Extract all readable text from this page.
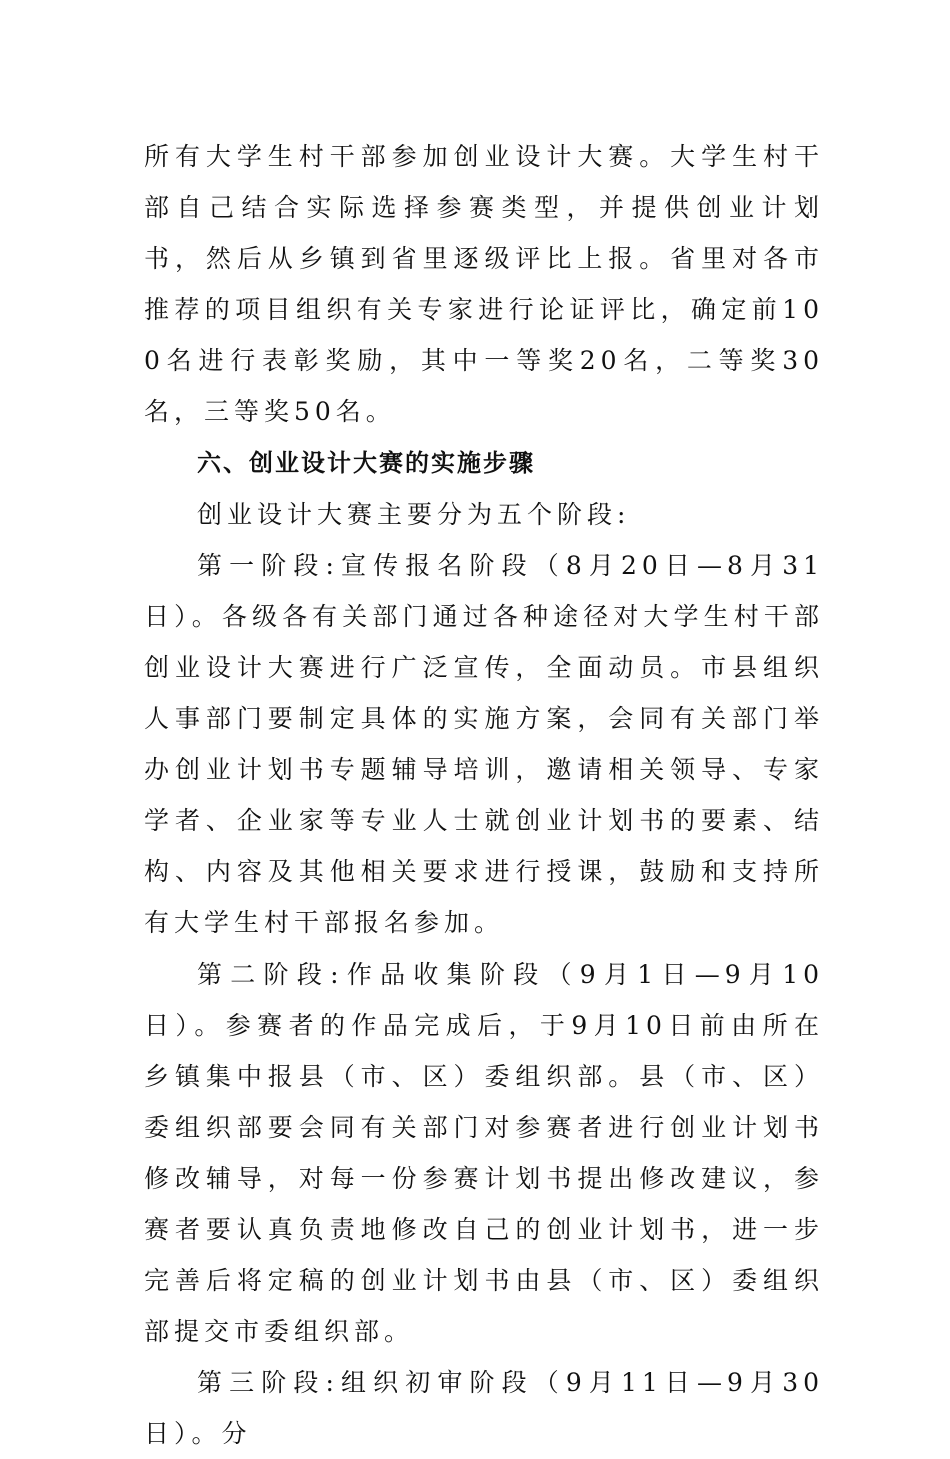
所有大学生村干部参加创业设计大赛。大学生村干部自己结合实际选择参赛类型，并提供创业计划书，然后从乡镇到省里逐级评比上报。省里对各市推荐的项目组织有关专家进行论证评比，确定前100名进行表彰奖励，其中一等奖20名，二等奖30名，三等奖50名。

六、创业设计大赛的实施步骤

创业设计大赛主要分为五个阶段:

第一阶段:宣传报名阶段（8月20日—8月31日）。各级各有关部门通过各种途径对大学生村干部创业设计大赛进行广泛宣传，全面动员。市县组织人事部门要制定具体的实施方案，会同有关部门举办创业计划书专题辅导培训，邀请相关领导、专家学者、企业家等专业人士就创业计划书的要素、结构、内容及其他相关要求进行授课，鼓励和支持所有大学生村干部报名参加。

第二阶段:作品收集阶段（9月1日—9月10日）。参赛者的作品完成后，于9月10日前由所在乡镇集中报县（市、区）委组织部。县（市、区）委组织部要会同有关部门对参赛者进行创业计划书修改辅导，对每一份参赛计划书提出修改建议，参赛者要认真负责地修改自己的创业计划书，进一步完善后将定稿的创业计划书由县（市、区）委组织部提交市委组织部。

第三阶段:组织初审阶段（9月11日—9月30日）。分
